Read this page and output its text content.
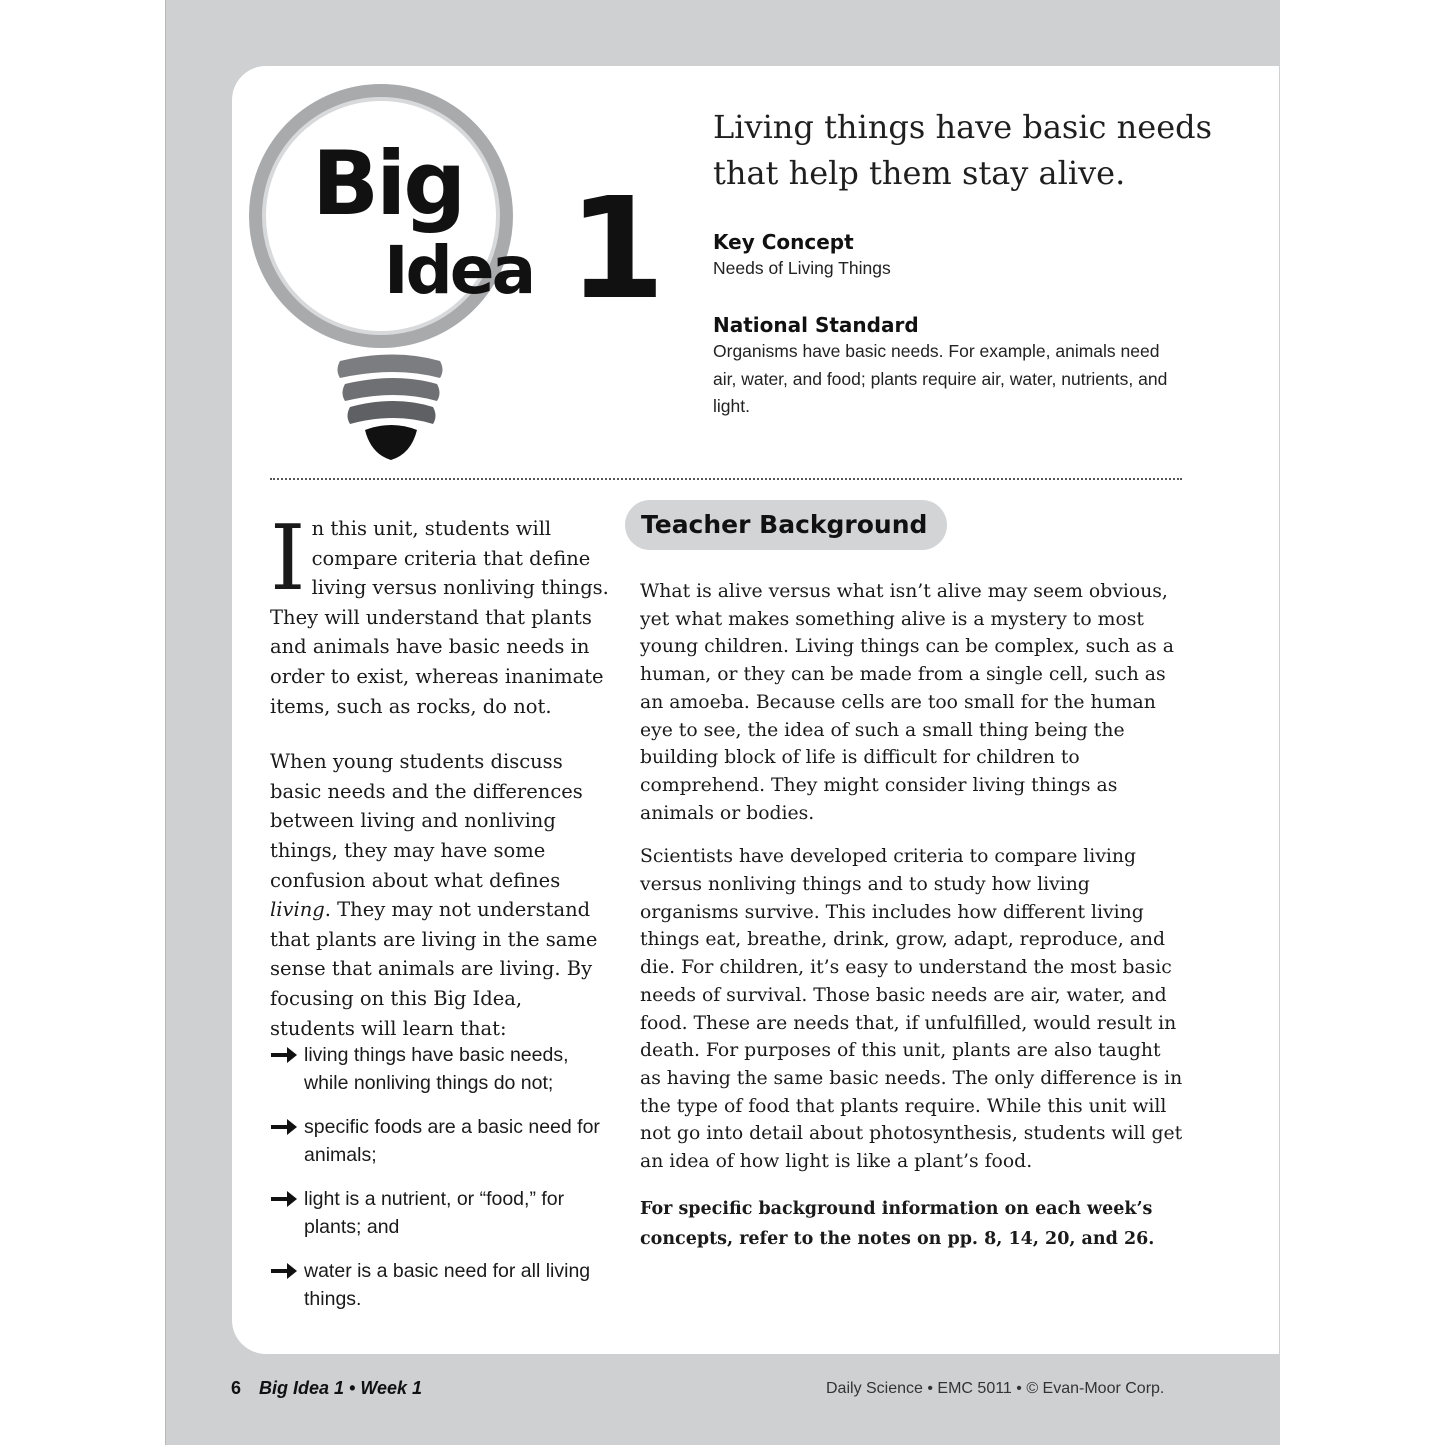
Big
Idea 1
Living things have basic needs that help them stay alive.
Key Concept
Needs of Living Things
National Standard
Organisms have basic needs. For example, animals need air, water, and food; plants require air, water, nutrients, and light.
In this unit, students will compare criteria that define living versus nonliving things. They will understand that plants and animals have basic needs in order to exist, whereas inanimate items, such as rocks, do not.
When young students discuss basic needs and the differences between living and nonliving things, they may have some confusion about what defines living. They may not understand that plants are living in the same sense that animals are living. By focusing on this Big Idea, students will learn that:
living things have basic needs, while nonliving things do not;
specific foods are a basic need for animals;
light is a nutrient, or “food,” for plants; and
water is a basic need for all living things.
Teacher Background

What is alive versus what isn’t alive may seem obvious, yet what makes something alive is a mystery to most young children. Living things can be complex, such as a human, or they can be made from a single cell, such as an amoeba. Because cells are too small for the human eye to see, the idea of such a small thing being the building block of life is difficult for children to comprehend. They might consider living things as animals or bodies.

Scientists have developed criteria to compare living versus nonliving things and to study how living organisms survive. This includes how different living things eat, breathe, drink, grow, adapt, reproduce, and die. For children, it’s easy to understand the most basic needs of survival. Those basic needs are air, water, and food. These are needs that, if unfulfilled, would result in death. For purposes of this unit, plants are also taught as having the same basic needs. The only difference is in the type of food that plants require. While this unit will not go into detail about photosynthesis, students will get an idea of how light is like a plant’s food.

For specific background information on each week’s concepts, refer to the notes on pp. 8, 14, 20, and 26.

6 Big Idea 1 • Week 1	Daily Science • EMC 5011 • © Evan-Moor Corp.
